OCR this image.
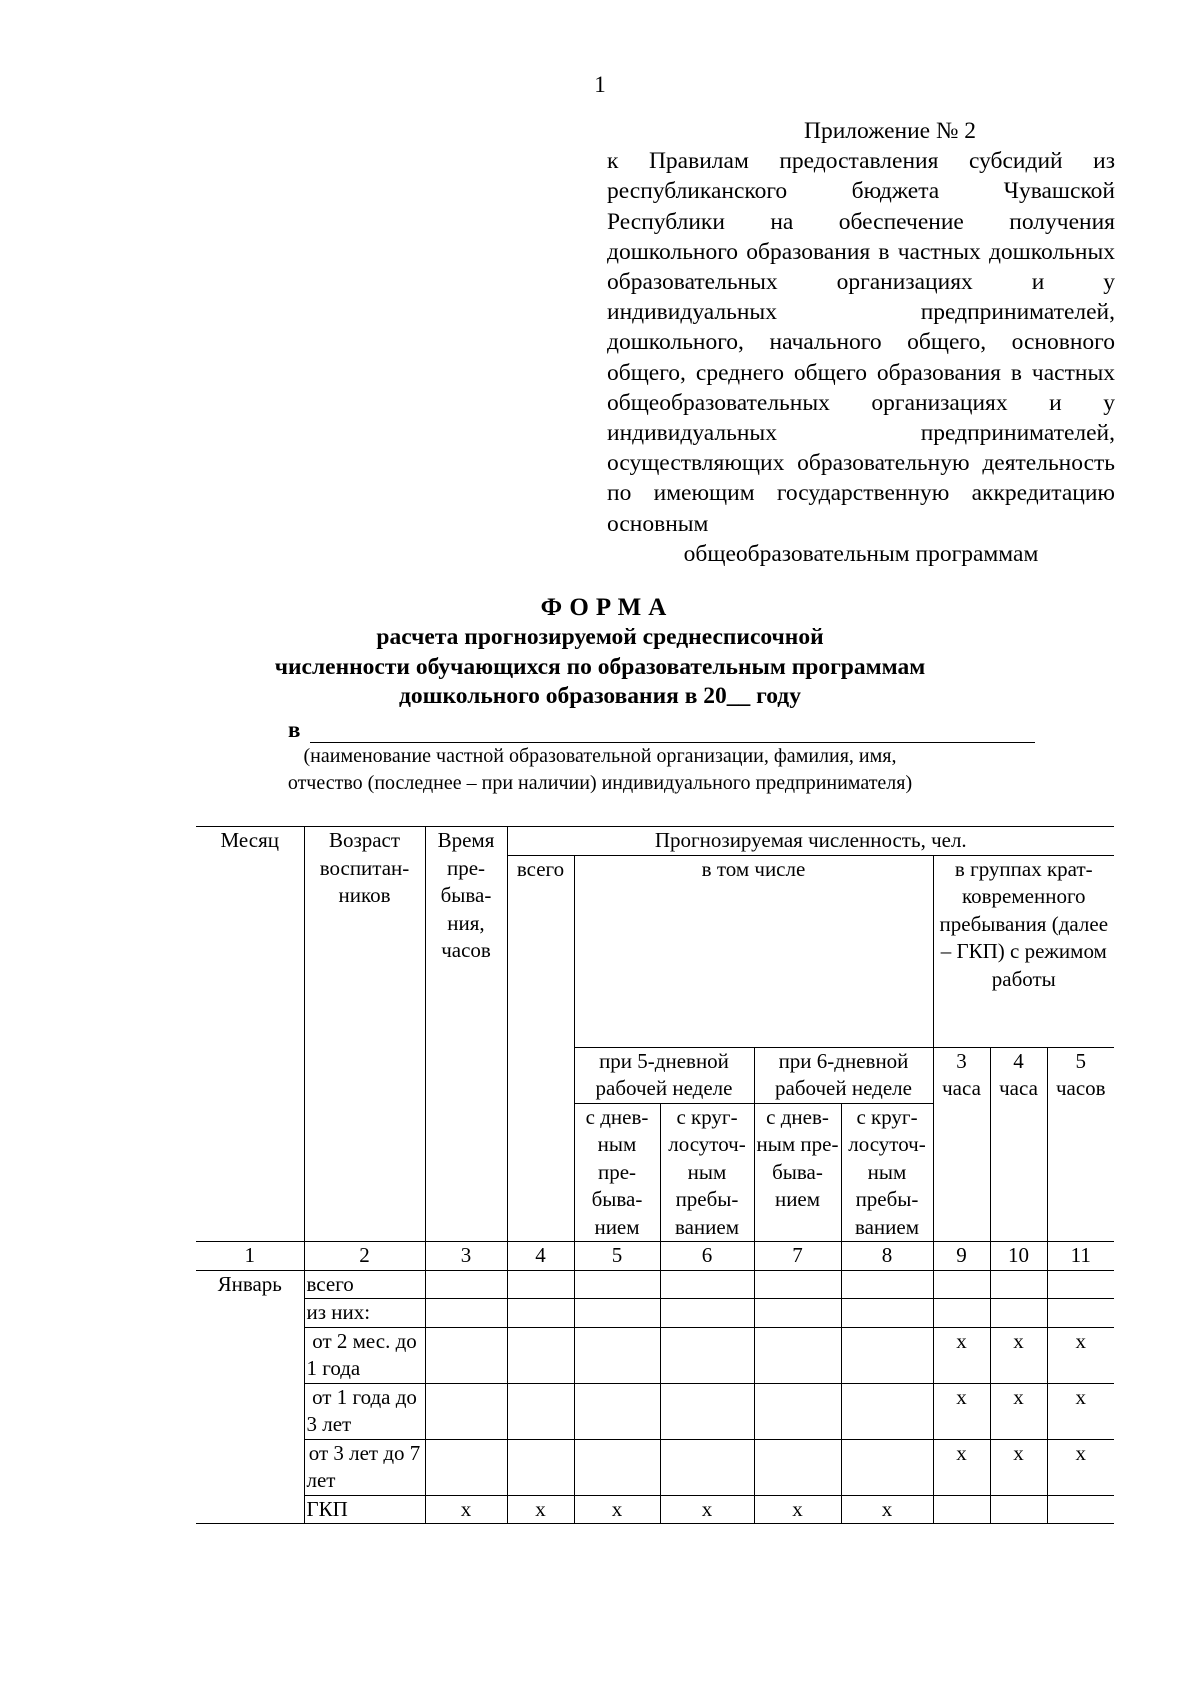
1
Приложение № 2
к Правилам предоставления субсидий из республиканского бюджета Чувашской Республики на обеспечение получения дошкольного образования в частных дошкольных образовательных организациях и у индивидуальных предпринимателей, дошкольного, начального общего, основного общего, среднего общего образования в частных общеобразовательных организациях и у индивидуальных предпринимателей, осуществляющих образовательную деятельность по имеющим государственную аккредитацию основным
общеобразовательным программам
ФОРМА
расчета прогнозируемой среднесписочной
численности обучающихся по образовательным программам
дошкольного образования в 20__ году
в
(наименование частной образовательной организации, фамилия, имя,
отчество (последнее – при наличии) индивидуального предпринимателя)
Месяц	Возраст воспитанников	Время пребывания, часов	Прогнозируемая численность, чел.							
			всего	в том числе				в группах кратковременного пребывания (далее – ГКП) с режимом работы		
				при 5-дневной рабочей неделе		при 6-дневной рабочей неделе		3 часа	4 часа	5 часов
				с дневным пребыванием	с круглосуточным пребыванием	с дневным пребыванием	с круглосуточным пребыванием			
1	2	3	4	5	6	7	8	9	10	11
Январь	всего									
	из них:									
	от 2 мес. до 1 года							х	х	х
	от 1 года до 3 лет							х	х	х
	от 3 лет до 7 лет							х	х	х
	ГКП	х	х	х	х	х	х			
